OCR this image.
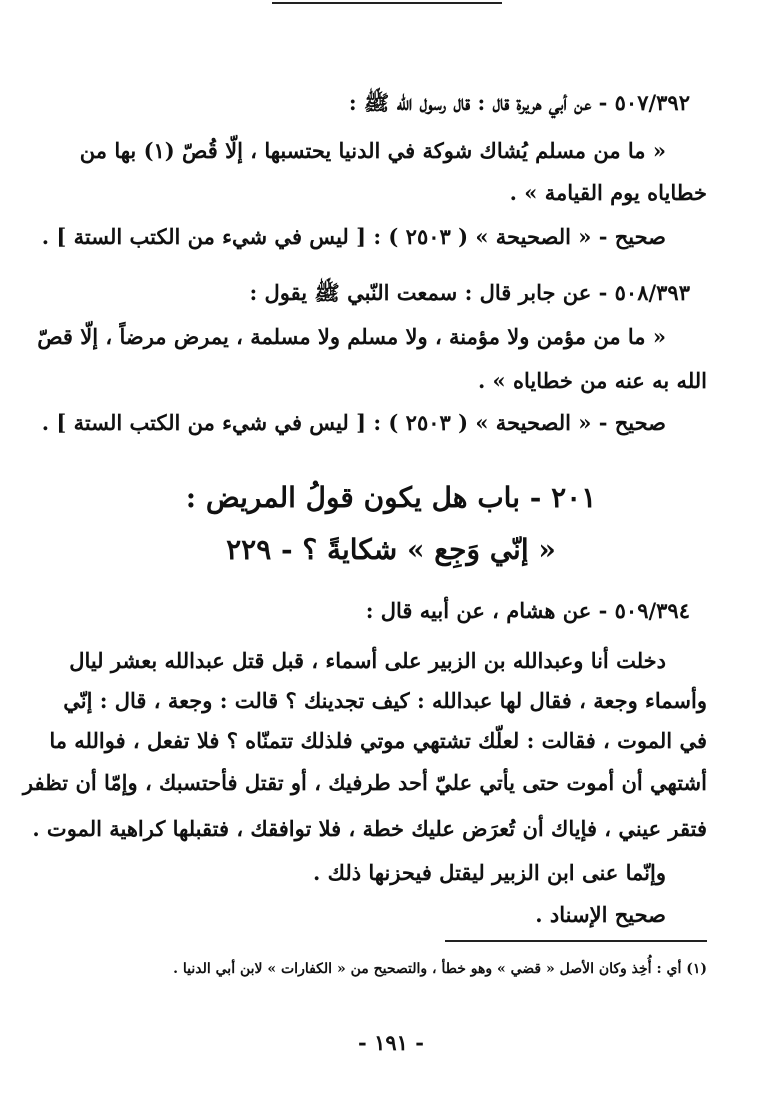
٥٠٧/٣٩٢ - عن أبي هريرة قال : قال رسول الله ﷺ :
« ما من مسلم يُشاك شوكة في الدنيا يحتسبها ، إلّا قُصّ (١) بها من
خطاياه يوم القيامة » .
صحيح - « الصحيحة » ( ٢٥٠٣ ) : [ ليس في شيء من الكتب الستة ] .
٥٠٨/٣٩٣ - عن جابر قال : سمعت النّبي ﷺ يقول :
« ما من مؤمن ولا مؤمنة ، ولا مسلم ولا مسلمة ، يمرض مرضاً ، إلّا قصّ
الله به عنه من خطاياه » .
صحيح - « الصحيحة » ( ٢٥٠٣ ) : [ ليس في شيء من الكتب الستة ] .
٢٠١ - باب هل يكون قولُ المريض :
« إنّي وَجِع » شكايةً ؟ - ٢٢٩
٥٠٩/٣٩٤ - عن هشام ، عن أبيه قال :
دخلت أنا وعبدالله بن الزبير على أسماء ، قبل قتل عبدالله بعشر ليال
وأسماء وجعة ، فقال لها عبدالله : كيف تجدينك ؟ قالت : وجعة ، قال : إنّي
في الموت ، فقالت : لعلّك تشتهي موتي فلذلك تتمنّاه ؟ فلا تفعل ، فوالله ما
أشتهي أن أموت حتى يأتي عليّ أحد طرفيك ، أو تقتل فأحتسبك ، وإمّا أن تظفر
فتقر عيني ، فإياك أن تُعرَض عليك خطة ، فلا توافقك ، فتقبلها كراهية الموت .
وإنّما عنى ابن الزبير ليقتل فيحزنها ذلك .
صحيح الإسناد .
(١) أي : أُخِذ وكان الأصل « قضي » وهو خطأ ، والتصحيح من « الكفارات » لابن أبي الدنيا .
- ١٩١ -
